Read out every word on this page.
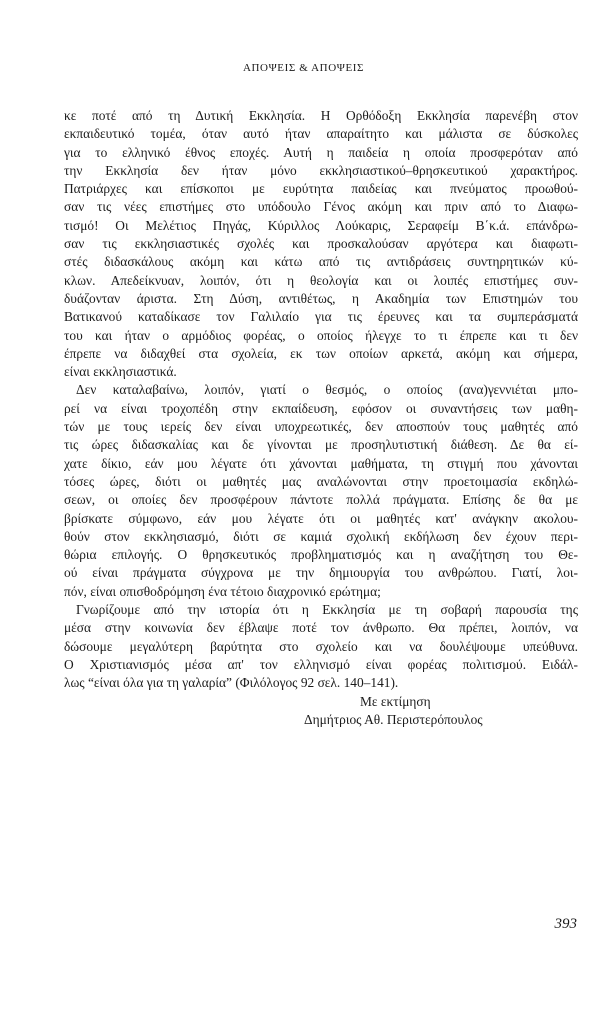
ΑΠΟΨΕΙΣ & ΑΠΟΨΕΙΣ
κε ποτέ από τη Δυτική Εκκλησία. Η Ορθόδοξη Εκκλησία παρενέβη στον
εκπαιδευτικό τομέα, όταν αυτό ήταν απαραίτητο και μάλιστα σε δύσκολες
για το ελληνικό έθνος εποχές. Αυτή η παιδεία η οποία προσφερόταν από
την Εκκλησία δεν ήταν μόνο εκκλησιαστικού–θρησκευτικού χαρακτήρος.
Πατριάρχες και επίσκοποι με ευρύτητα παιδείας και πνεύματος προωθού-
σαν τις νέες επιστήμες στο υπόδουλο Γένος ακόμη και πριν από το Διαφω-
τισμό! Οι Μελέτιος Πηγάς, Κύριλλος Λούκαρις, Σεραφείμ Β΄κ.ά. επάνδρω-
σαν τις εκκλησιαστικές σχολές και προσκαλούσαν αργότερα και διαφωτι-
στές διδασκάλους ακόμη και κάτω από τις αντιδράσεις συντηρητικών κύ-
κλων. Απεδείκνυαν, λοιπόν, ότι η θεολογία και οι λοιπές επιστήμες συν-
δυάζονταν άριστα. Στη Δύση, αντιθέτως, η Ακαδημία των Επιστημών του
Βατικανού καταδίκασε τον Γαλιλαίο για τις έρευνες και τα συμπεράσματά
του και ήταν ο αρμόδιος φορέας, ο οποίος ήλεγχε το τι έπρεπε και τι δεν
έπρεπε να διδαχθεί στα σχολεία, εκ των οποίων αρκετά, ακόμη και σήμερα,
είναι εκκλησιαστικά.
Δεν καταλαβαίνω, λοιπόν, γιατί ο θεσμός, ο οποίος (ανα)γεννιέται μπο-
ρεί να είναι τροχοπέδη στην εκπαίδευση, εφόσον οι συναντήσεις των μαθη-
τών με τους ιερείς δεν είναι υποχρεωτικές, δεν αποσπούν τους μαθητές από
τις ώρες διδασκαλίας και δε γίνονται με προσηλυτιστική διάθεση. Δε θα εί-
χατε δίκιο, εάν μου λέγατε ότι χάνονται μαθήματα, τη στιγμή που χάνονται
τόσες ώρες, διότι οι μαθητές μας αναλώνονται στην προετοιμασία εκδηλώ-
σεων, οι οποίες δεν προσφέρουν πάντοτε πολλά πράγματα. Επίσης δε θα με
βρίσκατε σύμφωνο, εάν μου λέγατε ότι οι μαθητές κατ' ανάγκην ακολου-
θούν στον εκκλησιασμό, διότι σε καμιά σχολική εκδήλωση δεν έχουν περι-
θώρια επιλογής. Ο θρησκευτικός προβληματισμός και η αναζήτηση του Θε-
ού είναι πράγματα σύγχρονα με την δημιουργία του ανθρώπου. Γιατί, λοι-
πόν, είναι οπισθοδρόμηση ένα τέτοιο διαχρονικό ερώτημα;
Γνωρίζουμε από την ιστορία ότι η Εκκλησία με τη σοβαρή παρουσία της
μέσα στην κοινωνία δεν έβλαψε ποτέ τον άνθρωπο. Θα πρέπει, λοιπόν, να
δώσουμε μεγαλύτερη βαρύτητα στο σχολείο και να δουλέψουμε υπεύθυνα.
Ο Χριστιανισμός μέσα απ' τον ελληνισμό είναι φορέας πολιτισμού. Ειδάλ-
λως “είναι όλα για τη γαλαρία” (Φιλόλογος 92 σελ. 140–141).
Με εκτίμηση
Δημήτριος Αθ. Περιστερόπουλος
393
